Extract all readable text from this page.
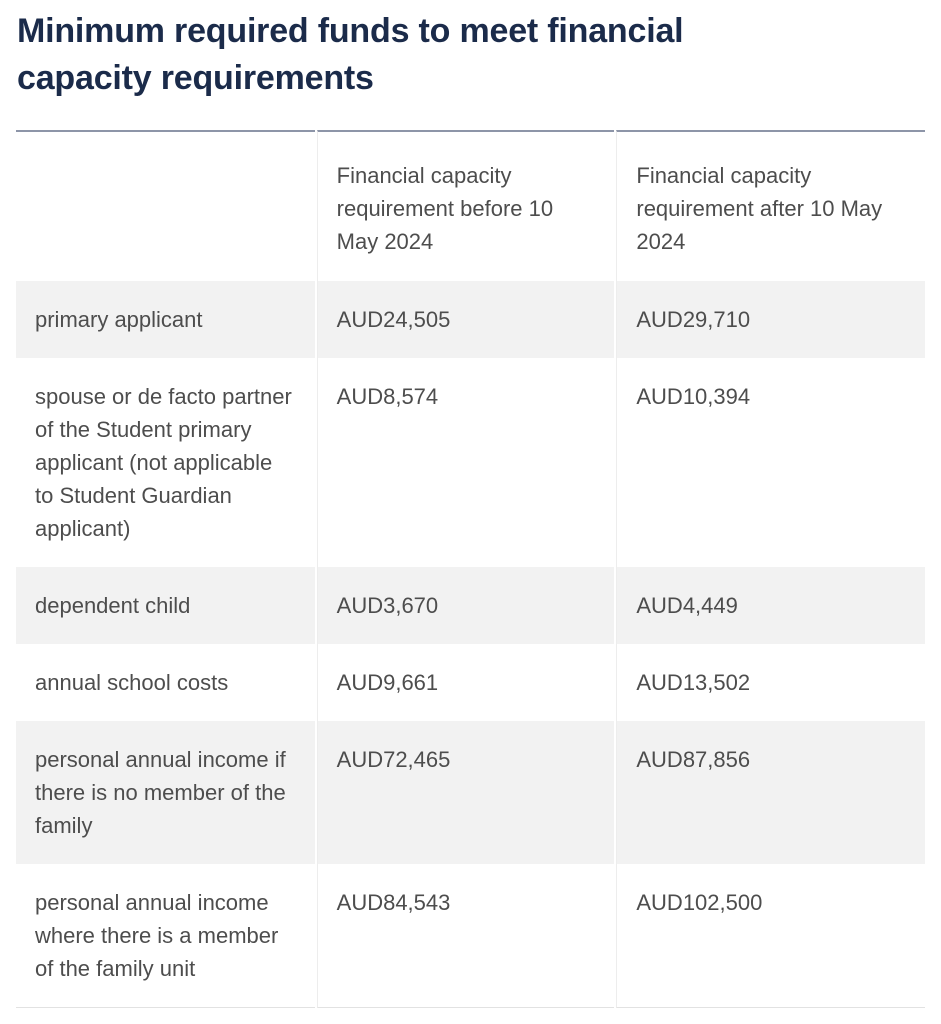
Minimum required funds to meet financial capacity requirements
	Financial capacity requirement before 10 May 2024	Financial capacity requirement after 10 May 2024
primary applicant	AUD24,505	AUD29,710
spouse or de facto partner of the Student primary applicant (not applicable to Student Guardian applicant)	AUD8,574	AUD10,394
dependent child	AUD3,670	AUD4,449
annual school costs	AUD9,661	AUD13,502
personal annual income if there is no member of the family	AUD72,465	AUD87,856
personal annual income where there is a member of the family unit	AUD84,543	AUD102,500
